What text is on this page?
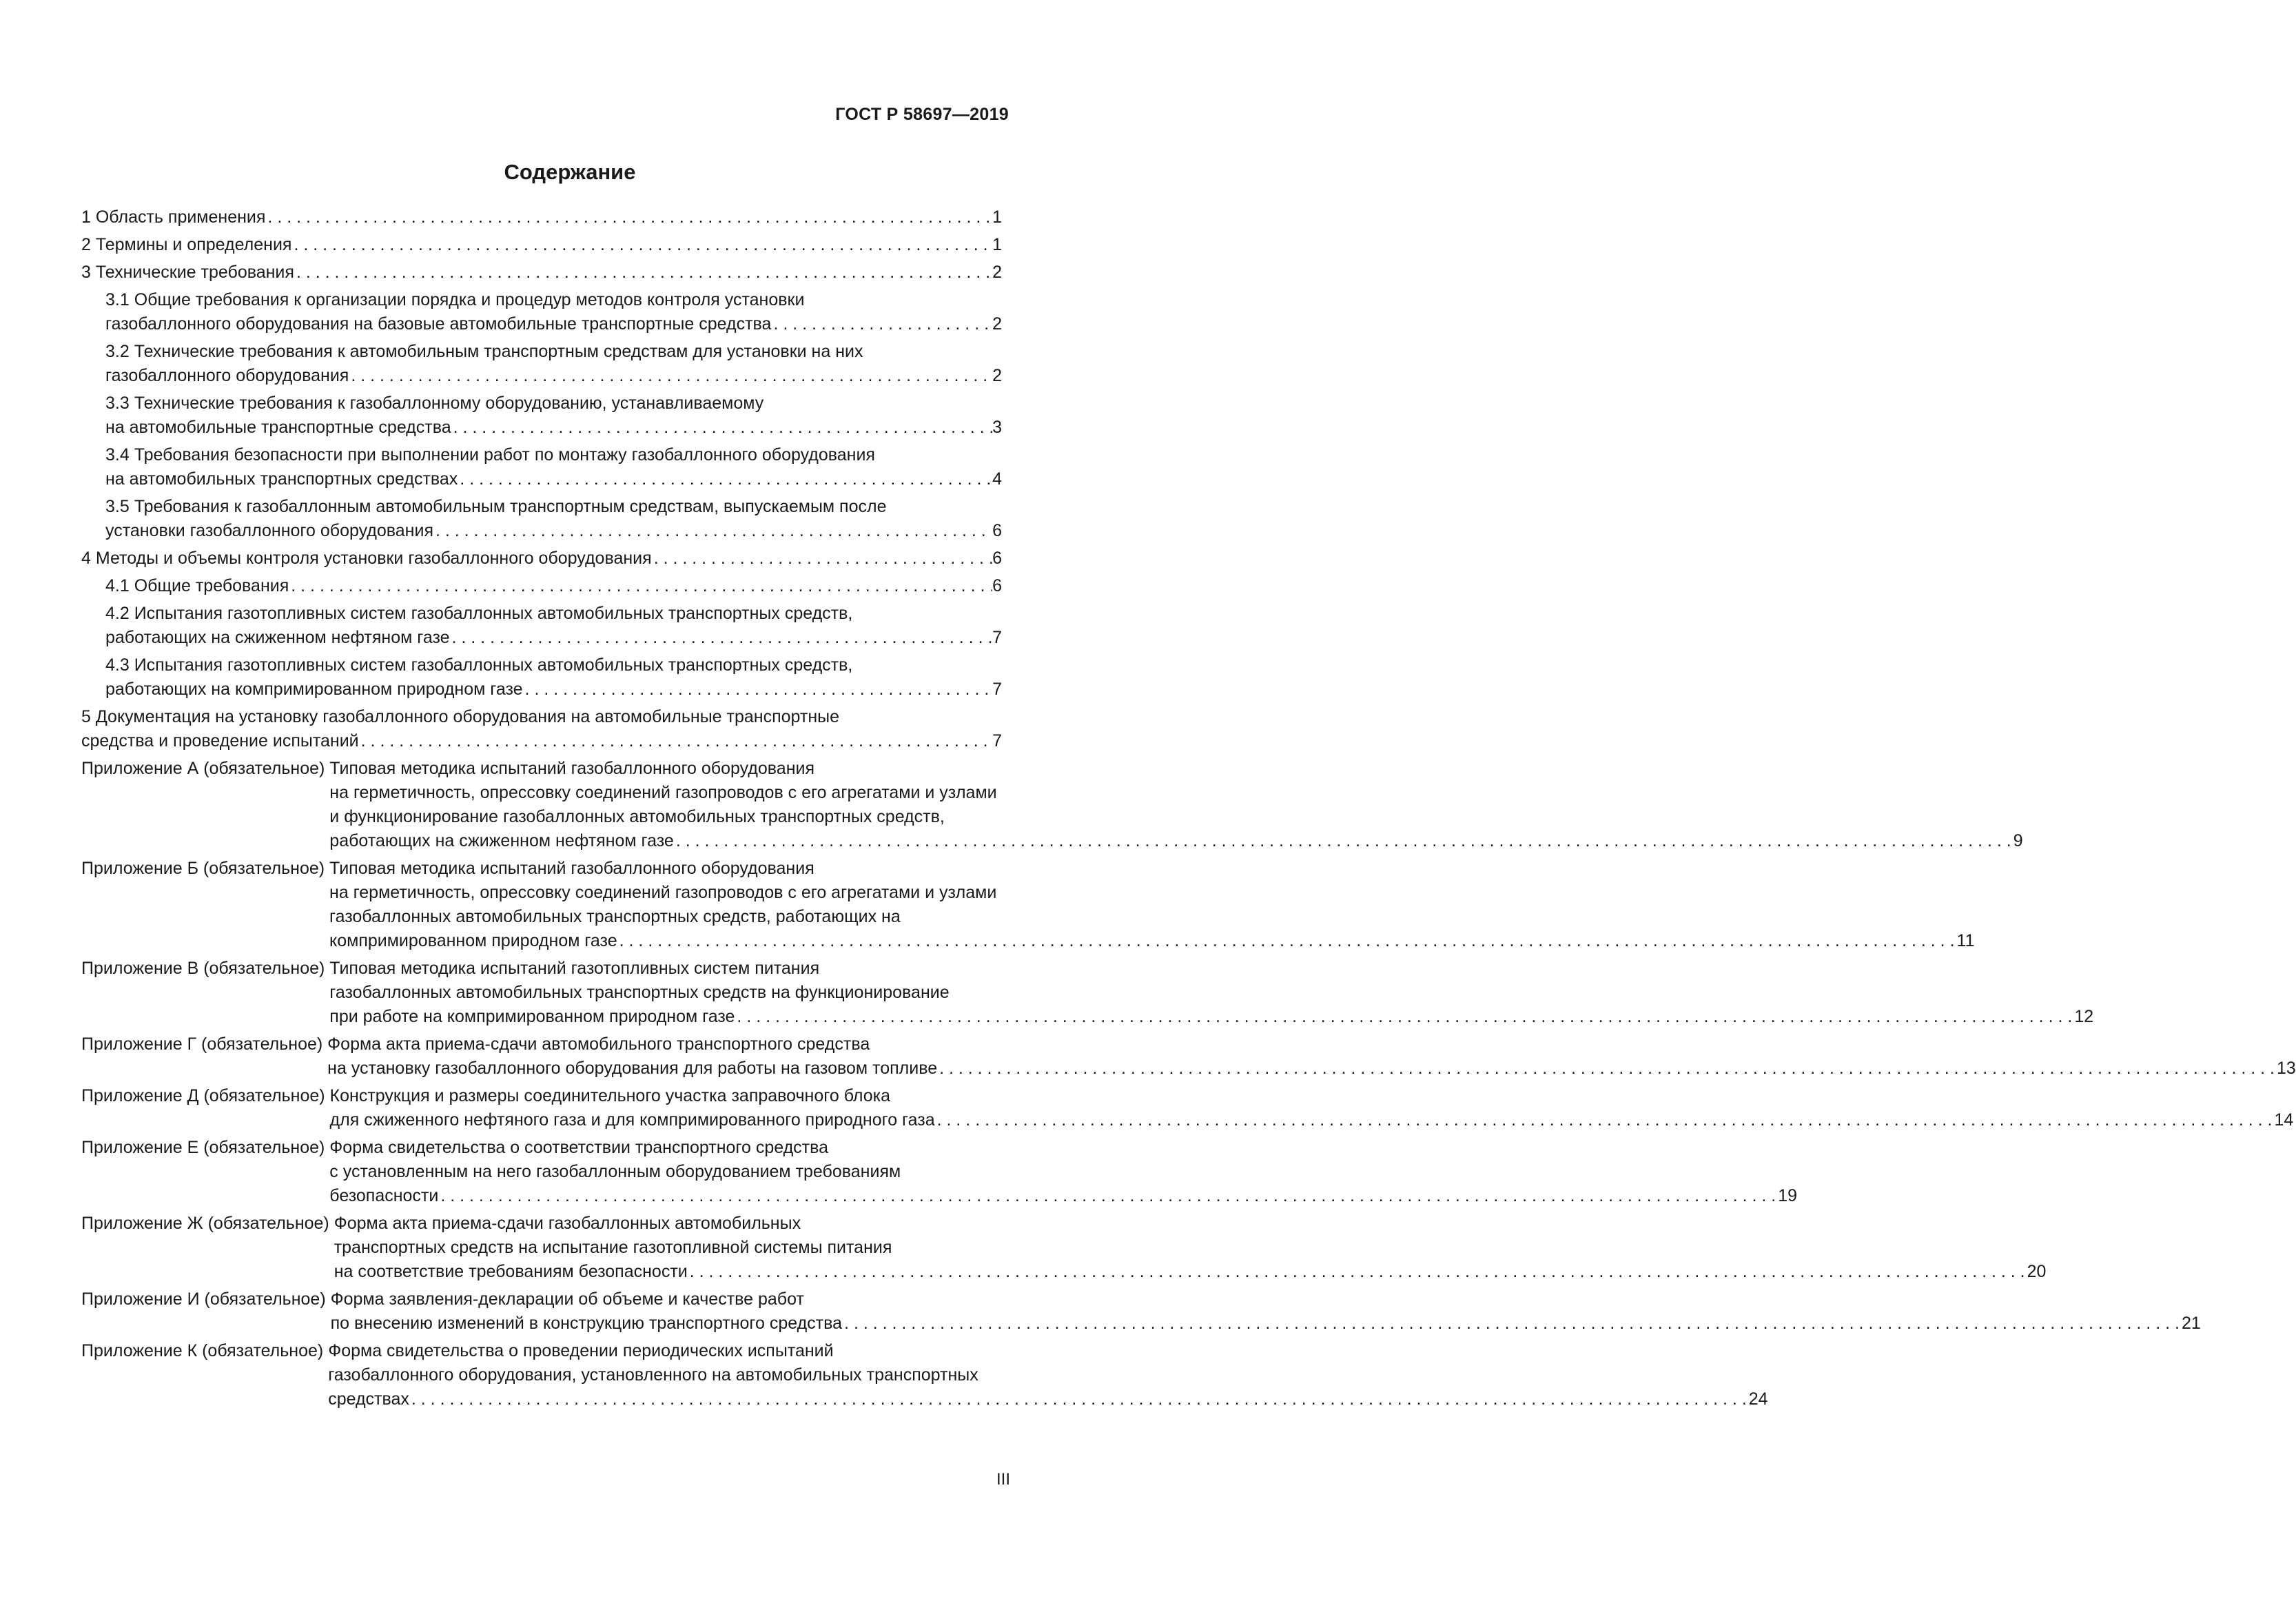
ГОСТ Р 58697—2019
Содержание
1 Область применения . . .	1
2 Термины и определения . . .	1
3 Технические требования . . .	2
3.1 Общие требования к организации порядка и процедур методов контроля установки
газобаллонного оборудования на базовые автомобильные транспортные средства . . .	2
3.2 Технические требования к автомобильным транспортным средствам для установки на них
газобаллонного оборудования . . .	2
3.3 Технические требования к газобаллонному оборудованию, устанавливаемому
на автомобильные транспортные средства . . .	3
3.4 Требования безопасности при выполнении работ по монтажу газобаллонного оборудования
на автомобильных транспортных средствах . . .	4
3.5 Требования к газобаллонным автомобильным транспортным средствам, выпускаемым после
установки газобаллонного оборудования . . .	6
4 Методы и объемы контроля установки газобаллонного оборудования . . .	6
4.1 Общие требования . . .	6
4.2 Испытания газотопливных систем газобаллонных автомобильных транспортных средств,
работающих на сжиженном нефтяном газе . . .	7
4.3 Испытания газотопливных систем газобаллонных автомобильных транспортных средств,
работающих на компримированном природном газе . . .	7
5 Документация на установку газобаллонного оборудования на автомобильные транспортные
средства и проведение испытаний . . .	7
Приложение А (обязательное) Типовая методика испытаний газобаллонного оборудования
на герметичность, опрессовку соединений газопроводов с его агрегатами и узлами
и функционирование газобаллонных автомобильных транспортных средств,
работающих на сжиженном нефтяном газе . . .	9
Приложение Б (обязательное) Типовая методика испытаний газобаллонного оборудования
на герметичность, опрессовку соединений газопроводов с его агрегатами и узлами
газобаллонных автомобильных транспортных средств, работающих на
компримированном природном газе . . .	11
Приложение В (обязательное) Типовая методика испытаний газотопливных систем питания
газобаллонных автомобильных транспортных средств на функционирование
при работе на компримированном природном газе . . .	12
Приложение Г (обязательное) Форма акта приема-сдачи автомобильного транспортного средства
на установку газобаллонного оборудования для работы на газовом топливе . . .	13
Приложение Д (обязательное) Конструкция и размеры соединительного участка заправочного блока
для сжиженного нефтяного газа и для компримированного природного газа . . .	14
Приложение Е (обязательное) Форма свидетельства о соответствии транспортного средства
с установленным на него газобаллонным оборудованием требованиям
безопасности . . .	19
Приложение Ж (обязательное) Форма акта приема-сдачи газобаллонных автомобильных
транспортных средств на испытание газотопливной системы питания
на соответствие требованиям безопасности . . .	20
Приложение И (обязательное) Форма заявления-декларации об объеме и качестве работ
по внесению изменений в конструкцию транспортного средства . . .	21
Приложение К (обязательное) Форма свидетельства о проведении периодических испытаний
газобаллонного оборудования, установленного на автомобильных транспортных
средствах . . .	24
III
